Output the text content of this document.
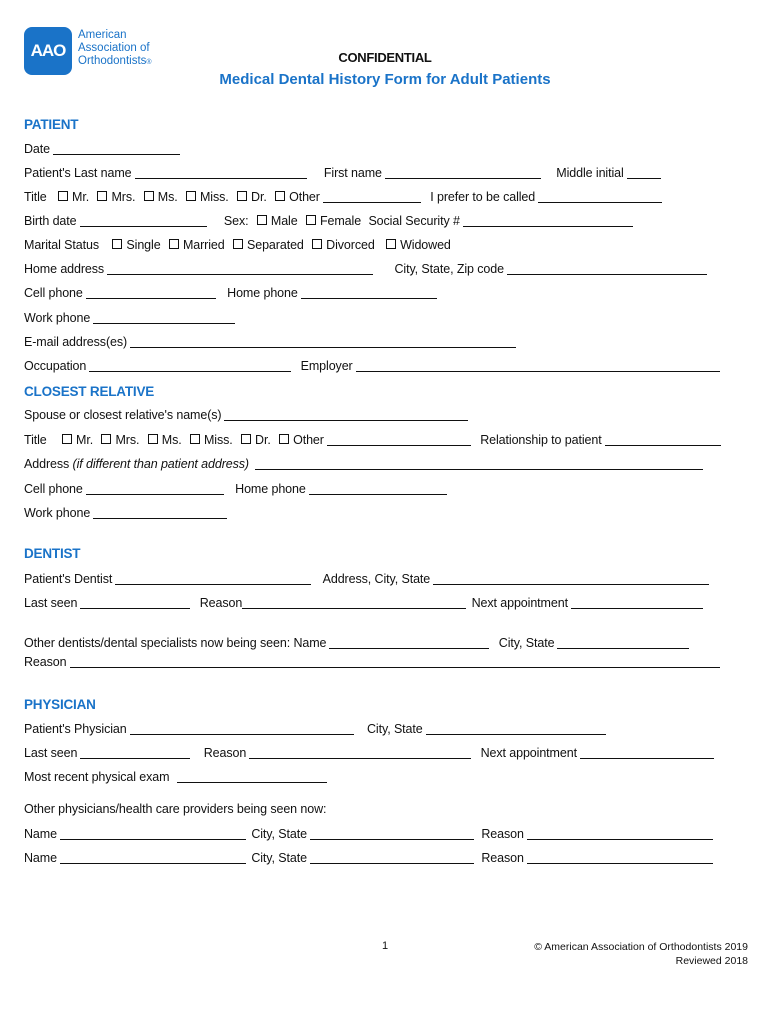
AAO
American
Association of
Orthodontists®	CONFIDENTIAL
Medical Dental History Form for Adult Patients
PATIENT
Date
Patient's Last name	First name	Middle initial
Title Mr. Mrs. Ms. Miss. Dr. Other	I prefer to be called
Birth date	Sex: Male Female Social Security #
Marital Status Single Married Separated Divorced Widowed
Home address	City, State, Zip code
Cell phone	Home phone
Work phone
E-mail address(es)
Occupation	Employer
CLOSEST RELATIVE
Spouse or closest relative's name(s)
Title Mr. Mrs. Ms. Miss. Dr. Other	Relationship to patient
Address (if different than patient address)
Cell phone	Home phone
Work phone
DENTIST
Patient's Dentist	Address, City, State
Last seen	Reason	Next appointment
Other dentists/dental specialists now being seen: Name	City, State
Reason
PHYSICIAN
Patient's Physician	City, State
Last seen	Reason	Next appointment
Most recent physical exam
Other physicians/health care providers being seen now:
Name	City, State	Reason
Name	City, State	Reason
1	© American Association of Orthodontists 2019
Reviewed 2018
